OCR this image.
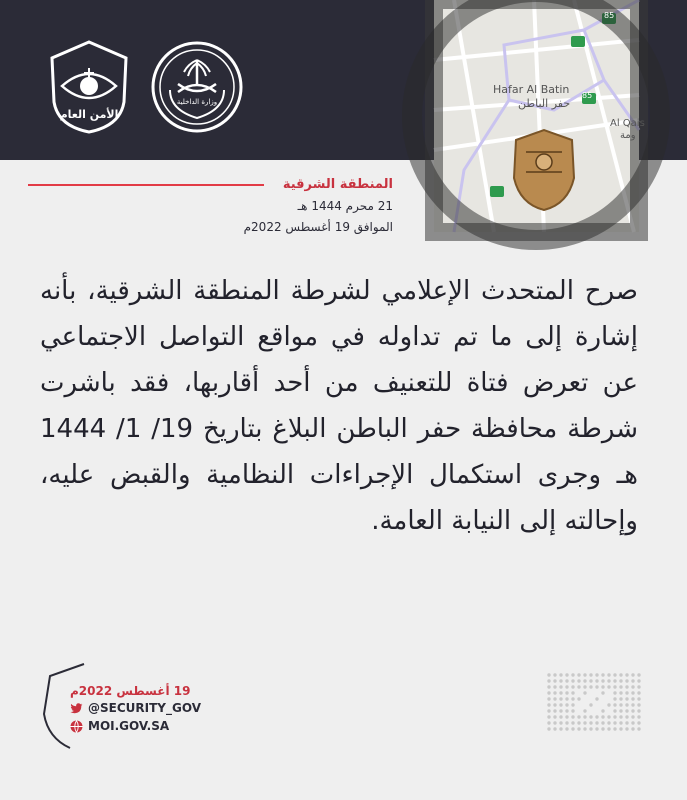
الأمن العام
وزارة الداخلية
Hafar Al Batin
حفر الباطن
Al Qais
ومة
85
85
المنطقة الشرقية
21 محرم 1444 هـ
الموافق 19 أغسطس 2022م
صرح المتحدث الإعلامي لشرطة المنطقة الشرقية، بأنه إشارة إلى ما تم تداوله في مواقع التواصل الاجتماعي عن تعرض فتاة للتعنيف من أحد أقاربها، فقد باشرت شرطة محافظة حفر الباطن البلاغ بتاريخ 19/ 1/ 1444 هـ وجرى استكمال الإجراءات النظامية والقبض عليه، وإحالته إلى النيابة العامة.
19 أغسطس 2022م
@SECURITY_GOV
MOI.GOV.SA
